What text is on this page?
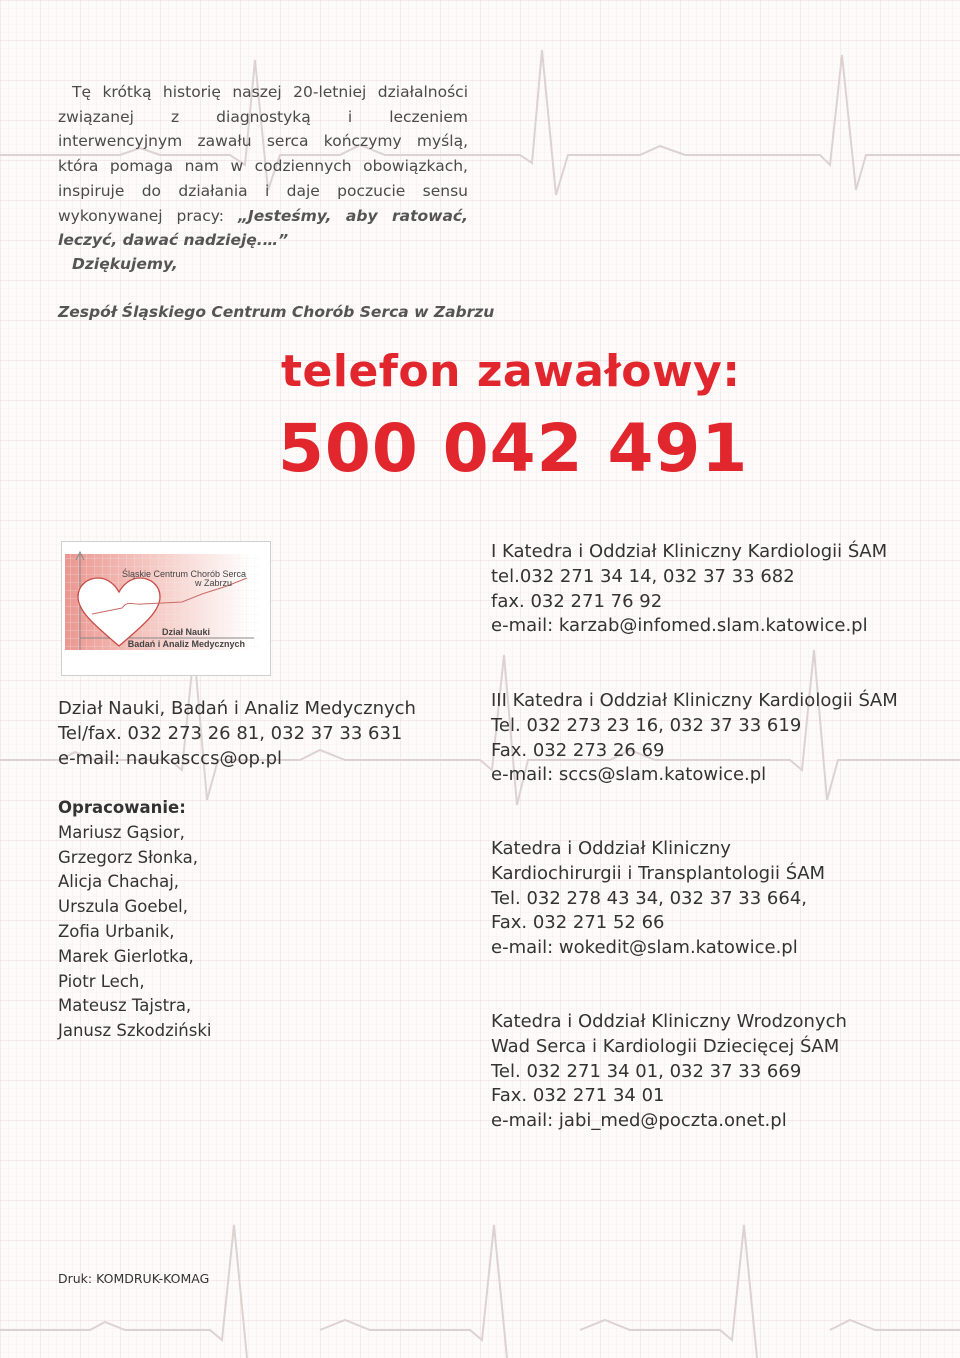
Tę krótką historię naszej 20-letniej działalności związanej z diagnostyką i leczeniem interwencyjnym zawału serca kończymy myślą, która pomaga nam w codziennych obowiązkach, inspiruje do działania i daje poczucie sensu wykonywanej pracy: „Jesteśmy, aby ratować, leczyć, dawać nadzieję.…”

Dziękujemy,
Zespół Śląskiego Centrum Chorób Serca w Zabrzu
telefon zawałowy:
500 042 491
Śląskie Centrum Chorób Serca
w Zabrzu
Dział Nauki
Badań i Analiz Medycznych
I Katedra i Oddział Kliniczny Kardiologii ŚAM
tel.032 271 34 14, 032 37 33 682
fax. 032 271 76 92
e-mail: karzab@infomed.slam.katowice.pl
Dział Nauki, Badań i Analiz Medycznych
Tel/fax. 032 273 26 81, 032 37 33 631
e-mail: naukasccs@op.pl
III Katedra i Oddział Kliniczny Kardiologii ŚAM
Tel. 032 273 23 16, 032 37 33 619
Fax. 032 273 26 69
e-mail: sccs@slam.katowice.pl
Opracowanie:
Mariusz Gąsior,
Grzegorz Słonka,
Alicja Chachaj,
Urszula Goebel,
Zofia Urbanik,
Marek Gierlotka,
Piotr Lech,
Mateusz Tajstra,
Janusz Szkodziński
Katedra i Oddział Kliniczny
Kardiochirurgii i Transplantologii ŚAM
Tel. 032 278 43 34, 032 37 33 664,
Fax. 032 271 52 66
e-mail: wokedit@slam.katowice.pl
Katedra i Oddział Kliniczny Wrodzonych
Wad Serca i Kardiologii Dziecięcej ŚAM
Tel. 032 271 34 01, 032 37 33 669
Fax. 032 271 34 01
e-mail: jabi_med@poczta.onet.pl
Druk: KOMDRUK-KOMAG
